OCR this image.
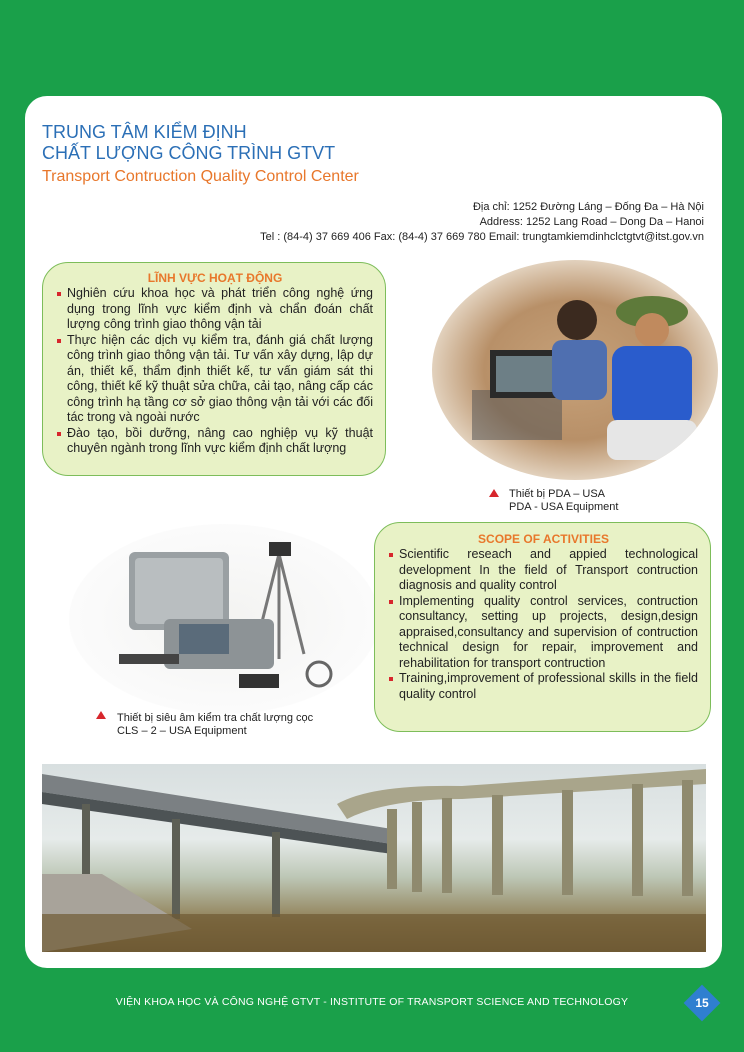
TRUNG TÂM KIỂM ĐỊNH
CHẤT LƯỢNG CÔNG TRÌNH GTVT
Transport Contruction Quality Control Center
Địa chỉ: 1252 Đường Láng – Đống Đa – Hà Nội
Address: 1252 Lang Road – Dong Da – Hanoi
Tel : (84-4) 37 669 406 Fax: (84-4) 37 669 780 Email: trungtamkiemdinhclctgtvt@itst.gov.vn
LĨNH VỰC HOẠT ĐỘNG
Nghiên cứu khoa học và phát triển công nghệ ứng dụng trong lĩnh vực kiểm định và chẩn đoán chất lượng công trình giao thông vận tải
Thực hiện các dịch vụ kiểm tra, đánh giá chất lượng công trình giao thông vận tải. Tư vấn xây dựng, lập dự án, thiết kế, thẩm định thiết kế, tư vấn giám sát thi công, thiết kế kỹ thuật sửa chữa, cải tạo, nâng cấp các công trình hạ tầng cơ sở giao thông vận tải với các đối tác trong và ngoài nước
Đào tạo, bồi dưỡng, nâng cao nghiệp vụ kỹ thuật chuyên ngành trong lĩnh vực kiểm định chất lượng
Thiết bị PDA – USA
PDA - USA Equipment
Thiết bị siêu âm kiểm tra chất lượng cọc
CLS – 2 – USA Equipment
SCOPE OF ACTIVITIES
Scientific reseach and appied technological development In the field of Transport contruction diagnosis and quality control
Implementing quality control services, contruction consultancy, setting up projects, design,design appraised,consultancy and supervision of contruction technical design for repair, improvement and rehabilitation for transport contruction
Training,improvement of professional skills in the field quality control
VIỆN KHOA HỌC VÀ CÔNG NGHỆ GTVT - INSTITUTE OF TRANSPORT SCIENCE AND TECHNOLOGY	15
